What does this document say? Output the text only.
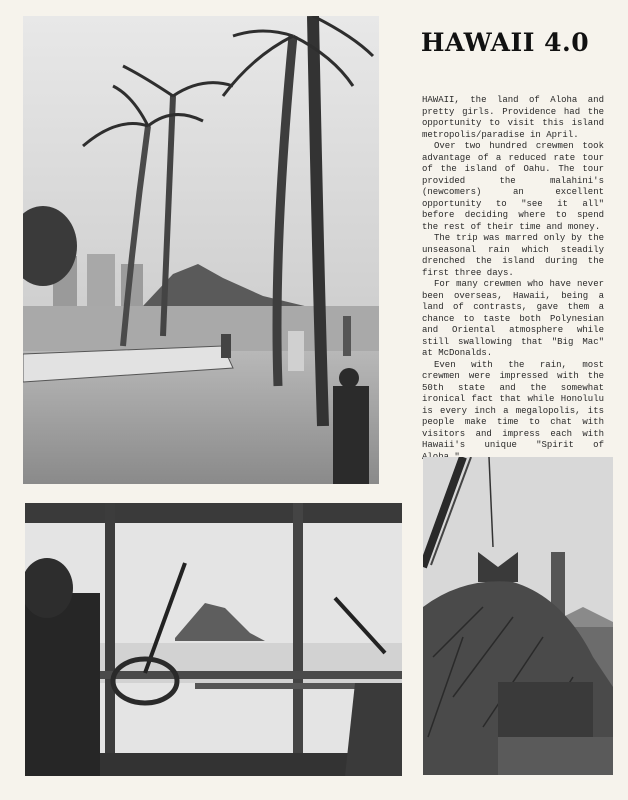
HAWAII 4.0

HAWAII, the land of Aloha and pretty girls. Providence had the opportunity to visit this island metropolis/paradise in April.

Over two hundred crewmen took advantage of a reduced rate tour of the island of Oahu. The tour provided the malahini's (newcomers) an excellent opportunity to "see it all" before deciding where to spend the rest of their time and money.

The trip was marred only by the unseasonal rain which steadily drenched the island during the first three days.

For many crewmen who have never been overseas, Hawaii, being a land of contrasts, gave them a chance to taste both Polynesian and Oriental atmosphere while still swallowing that "Big Mac" at McDonalds.

Even with the rain, most crewmen were impressed with the 50th state and the somewhat ironical fact that while Honolulu is every inch a megalopolis, its people make time to chat with visitors and impress each with Hawaii's unique "Spirit of
